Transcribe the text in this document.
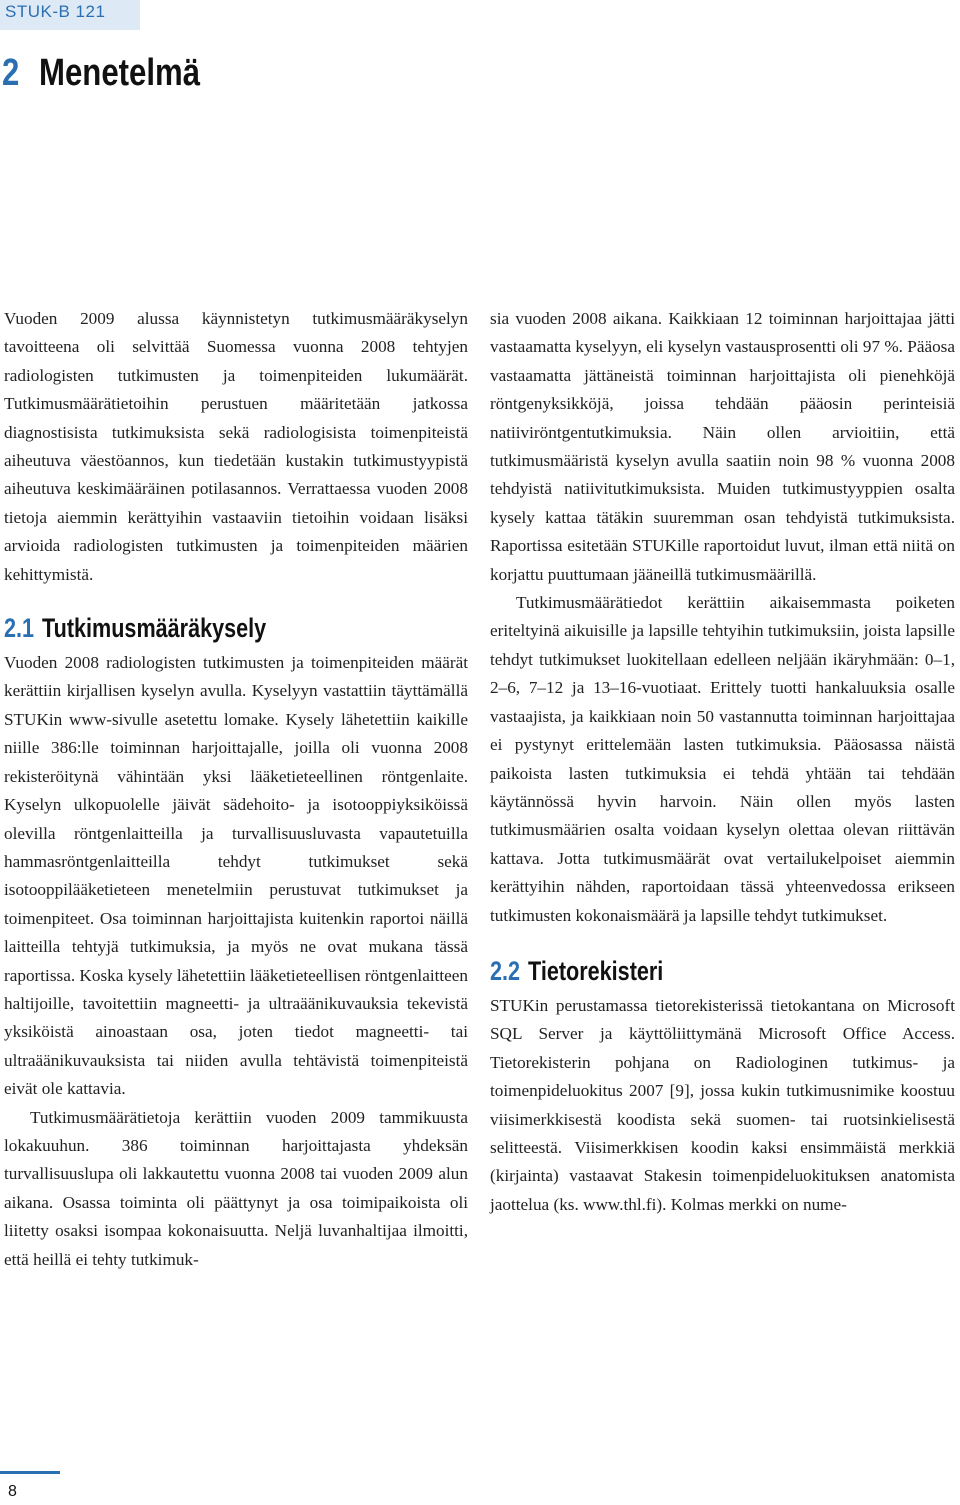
STUK-B 121
2 Menetelmä

Vuoden 2009 alussa käynnistetyn tutkimusmääräkyselyn tavoitteena oli selvittää Suomessa vuonna 2008 tehtyjen radiologisten tutkimusten ja toimenpiteiden lukumäärät. Tutkimusmäärätietoihin perustuen määritetään jatkossa diagnostisista tutkimuksista sekä radiologisista toimenpiteistä aiheutuva väestöannos, kun tiedetään kustakin tutkimustyypistä aiheutuva keskimääräinen potilasannos. Verrattaessa vuoden 2008 tietoja aiemmin kerättyihin vastaaviin tietoihin voidaan lisäksi arvioida radiologisten tutkimusten ja toimenpiteiden määrien kehittymistä.

2.1 Tutkimusmääräkysely

Vuoden 2008 radiologisten tutkimusten ja toimenpiteiden määrät kerättiin kirjallisen kyselyn avulla. Kyselyyn vastattiin täyttämällä STUKin www-sivulle asetettu lomake. Kysely lähetettiin kaikille niille 386:lle toiminnan harjoittajalle, joilla oli vuonna 2008 rekisteröitynä vähintään yksi lääketieteellinen röntgenlaite. Kyselyn ulkopuolelle jäivät sädehoito- ja isotooppiyksiköissä olevilla röntgenlaitteilla ja turvallisuusluvasta vapautetuilla hammasröntgenlaitteilla tehdyt tutkimukset sekä isotooppilääketieteen menetelmiin perustuvat tutkimukset ja toimenpiteet. Osa toiminnan harjoittajista kuitenkin raportoi näillä laitteilla tehtyjä tutkimuksia, ja myös ne ovat mukana tässä raportissa. Koska kysely lähetettiin lääketieteellisen röntgenlaitteen haltijoille, tavoitettiin magneetti- ja ultraäänikuvauksia tekevistä yksiköistä ainoastaan osa, joten tiedot magneetti- tai ultraäänikuvauksista tai niiden avulla tehtävistä toimenpiteistä eivät ole kattavia.

Tutkimusmäärätietoja kerättiin vuoden 2009 tammikuusta lokakuuhun. 386 toiminnan harjoittajasta yhdeksän turvallisuuslupa oli lakkautettu vuonna 2008 tai vuoden 2009 alun aikana. Osassa toiminta oli päättynyt ja osa toimipaikoista oli liitetty osaksi isompaa kokonaisuutta. Neljä luvanhaltijaa ilmoitti, että heillä ei tehty tutkimuk-

sia vuoden 2008 aikana. Kaikkiaan 12 toiminnan harjoittajaa jätti vastaamatta kyselyyn, eli kyselyn vastausprosentti oli 97 %. Pääosa vastaamatta jättäneistä toiminnan harjoittajista oli pienehköjä röntgenyksikköjä, joissa tehdään pääosin perinteisiä natiiviröntgentutkimuksia. Näin ollen arvioitiin, että tutkimusmääristä kyselyn avulla saatiin noin 98 % vuonna 2008 tehdyistä natiivitutkimuksista. Muiden tutkimustyyppien osalta kysely kattaa tätäkin suuremman osan tehdyistä tutkimuksista. Raportissa esitetään STUKille raportoidut luvut, ilman että niitä on korjattu puuttumaan jääneillä tutkimusmäärillä.

Tutkimusmäärätiedot kerättiin aikaisemmasta poiketen eriteltyinä aikuisille ja lapsille tehtyihin tutkimuksiin, joista lapsille tehdyt tutkimukset luokitellaan edelleen neljään ikäryhmään: 0–1, 2–6, 7–12 ja 13–16-vuotiaat. Erittely tuotti hankaluuksia osalle vastaajista, ja kaikkiaan noin 50 vastannutta toiminnan harjoittajaa ei pystynyt erittelemään lasten tutkimuksia. Pääosassa näistä paikoista lasten tutkimuksia ei tehdä yhtään tai tehdään käytännössä hyvin harvoin. Näin ollen myös lasten tutkimusmäärien osalta voidaan kyselyn olettaa olevan riittävän kattava. Jotta tutkimusmäärät ovat vertailukelpoiset aiemmin kerättyihin nähden, raportoidaan tässä yhteenvedossa erikseen tutkimusten kokonaismäärä ja lapsille tehdyt tutkimukset.

2.2 Tietorekisteri

STUKin perustamassa tietorekisterissä tietokantana on Microsoft SQL Server ja käyttöliittymänä Microsoft Office Access. Tietorekisterin pohjana on Radiologinen tutkimus- ja toimenpideluokitus 2007 [9], jossa kukin tutkimusnimike koostuu viisimerkkisestä koodista sekä suomen- tai ruotsinkielisestä selitteestä. Viisimerkkisen koodin kaksi ensimmäistä merkkiä (kirjainta) vastaavat Stakesin toimenpideluokituksen anatomista jaottelua (ks. www.thl.fi). Kolmas merkki on nume-

8
